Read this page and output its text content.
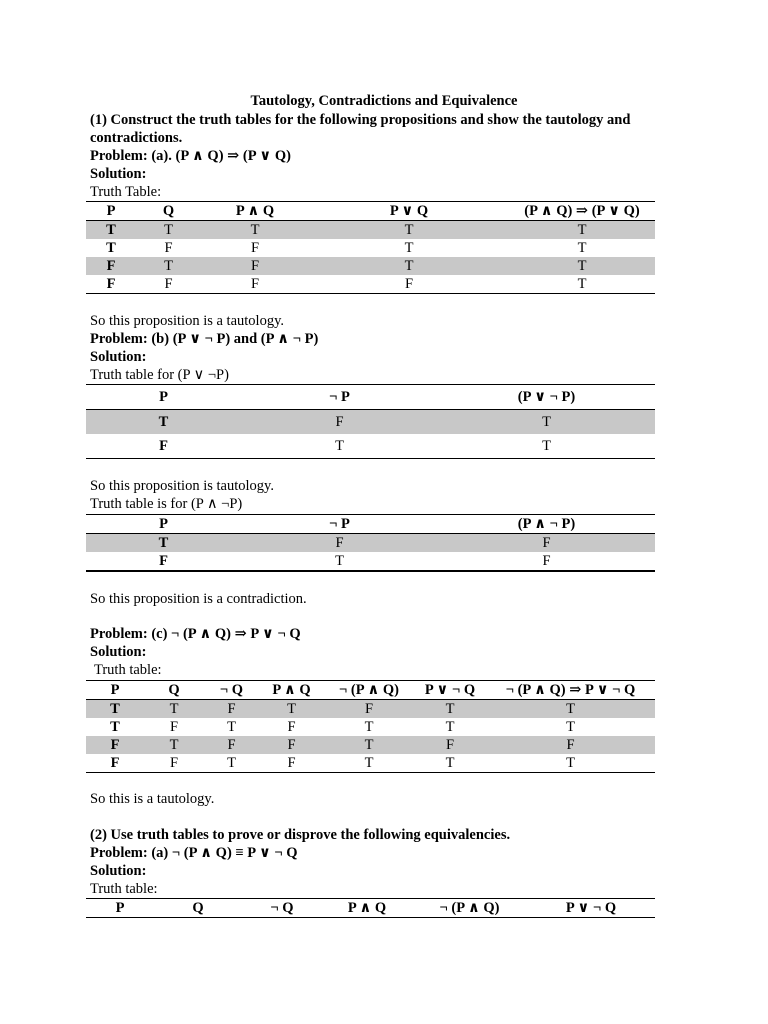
Tautology, Contradictions and Equivalence
(1) Construct the truth tables for the following propositions and show the tautology and
contradictions.
Problem: (a). (P ∧ Q) ⇒ (P ∨ Q)
Solution:
Truth Table:
P	Q	P ∧ Q	P ∨ Q	(P ∧ Q) ⇒ (P ∨ Q)
T	T	T	T	T
T	F	F	T	T
F	T	F	T	T
F	F	F	F	T
So this proposition is a tautology.
Problem: (b) (P ∨ ¬ P) and (P ∧ ¬ P)
Solution:
Truth table for (P ∨ ¬P)
P	¬ P	(P ∨ ¬ P)
T	F	T
F	T	T
So this proposition is tautology.
Truth table is for (P ∧ ¬P)
P	¬ P	(P ∧ ¬ P)
T	F	F
F	T	F
So this proposition is a contradiction.
Problem: (c) ¬ (P ∧ Q) ⇒ P ∨ ¬ Q
Solution:
Truth table:
P	Q	¬ Q	P ∧ Q	¬ (P ∧ Q)	P ∨ ¬ Q	¬ (P ∧ Q) ⇒ P ∨ ¬ Q
T	T	F	T	F	T	T
T	F	T	F	T	T	T
F	T	F	F	T	F	F
F	F	T	F	T	T	T
So this is a tautology.
(2) Use truth tables to prove or disprove the following equivalencies.
Problem: (a) ¬ (P ∧ Q) ≡ P ∨ ¬ Q
Solution:
Truth table:
P	Q	¬ Q	P ∧ Q	¬ (P ∧ Q)	P ∨ ¬ Q
